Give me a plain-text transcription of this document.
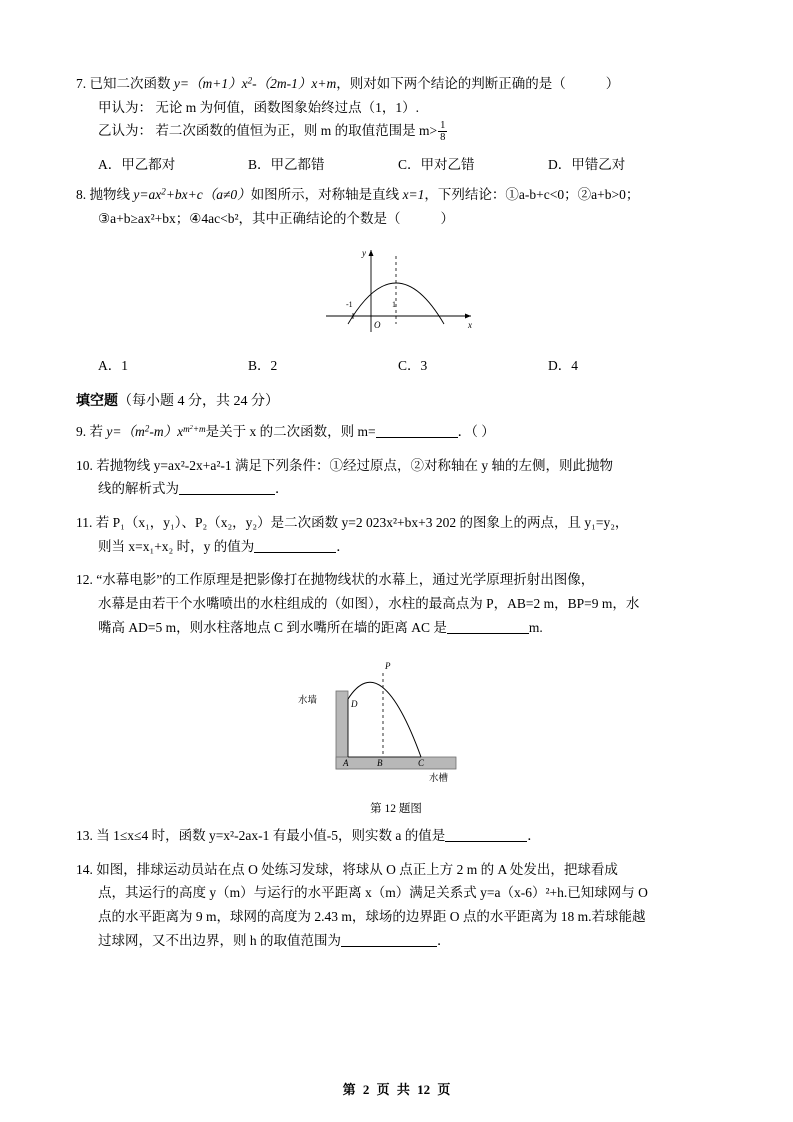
7. 已知二次函数 $y=(m+1)x^2-(2m-1)x+m$，则对如下两个结论的判断正确的是（	）
甲认为： 无论 m 为何值，函数图象始终过点（1，1）.
乙认为： 若二次函数的值恒为正，则 m 的取值范围是 $m> \frac{1}{8}$
A．甲乙都对	B．甲乙都错	C．甲对乙错	D．甲错乙对
8. 抛物线 $y=ax^2+bx+c(a\ne 0)$如图所示，对称轴是直线 x=1，下列结论：①a-b+c<0；②a+b>0；
③a+b≥ax²+bx；④4ac<b²，其中正确结论的个数是（	）
-1	1
O
y
x
A．1	B．2	C．3	D．4
填空题（每小题 4 分，共 24 分）
9. 若 $y=(m^2-m)x^{m^2+m}$是关于 x 的二次函数，则 m=	．（ ）
10. 若抛物线 y=ax²-2x+a²-1 满足下列条件：①经过原点，②对称轴在 y 轴的左侧，则此抛物
线的解析式为	．
11. 若 P₁（x₁，y₁）、P₂（x₂，y₂）是二次函数 y=2 023x²+bx+3 202 的图象上的两点，且 y₁=y₂，
则当 x=x₁+x₂ 时，y 的值为	．
12. “水幕电影”的工作原理是把影像打在抛物线状的水幕上，通过光学原理折射出图像，
水幕是由若干个水嘴喷出的水柱组成的（如图），水柱的最高点为 P，AB=2 m，BP=9 m，水
嘴高 AD=5 m，则水柱落地点 C 到水嘴所在墙的距离 AC 是	m.
P
D
A	B	C
水墙
水槽
第 12 题图
13. 当 1≤x≤4 时，函数 y=x²-2ax-1 有最小值-5，则实数 a 的值是	．
14. 如图，排球运动员站在点 O 处练习发球，将球从 O 点正上方 2 m 的 A 处发出，把球看成
点，其运行的高度 y（m）与运行的水平距离 x（m）满足关系式 y=a（x-6）²+h.已知球网与 O
点的水平距离为 9 m，球网的高度为 2.43 m，球场的边界距 O 点的水平距离为 18 m.若球能越
过球网，又不出边界，则 h 的取值范围为	．
第 2 页 共 12 页
